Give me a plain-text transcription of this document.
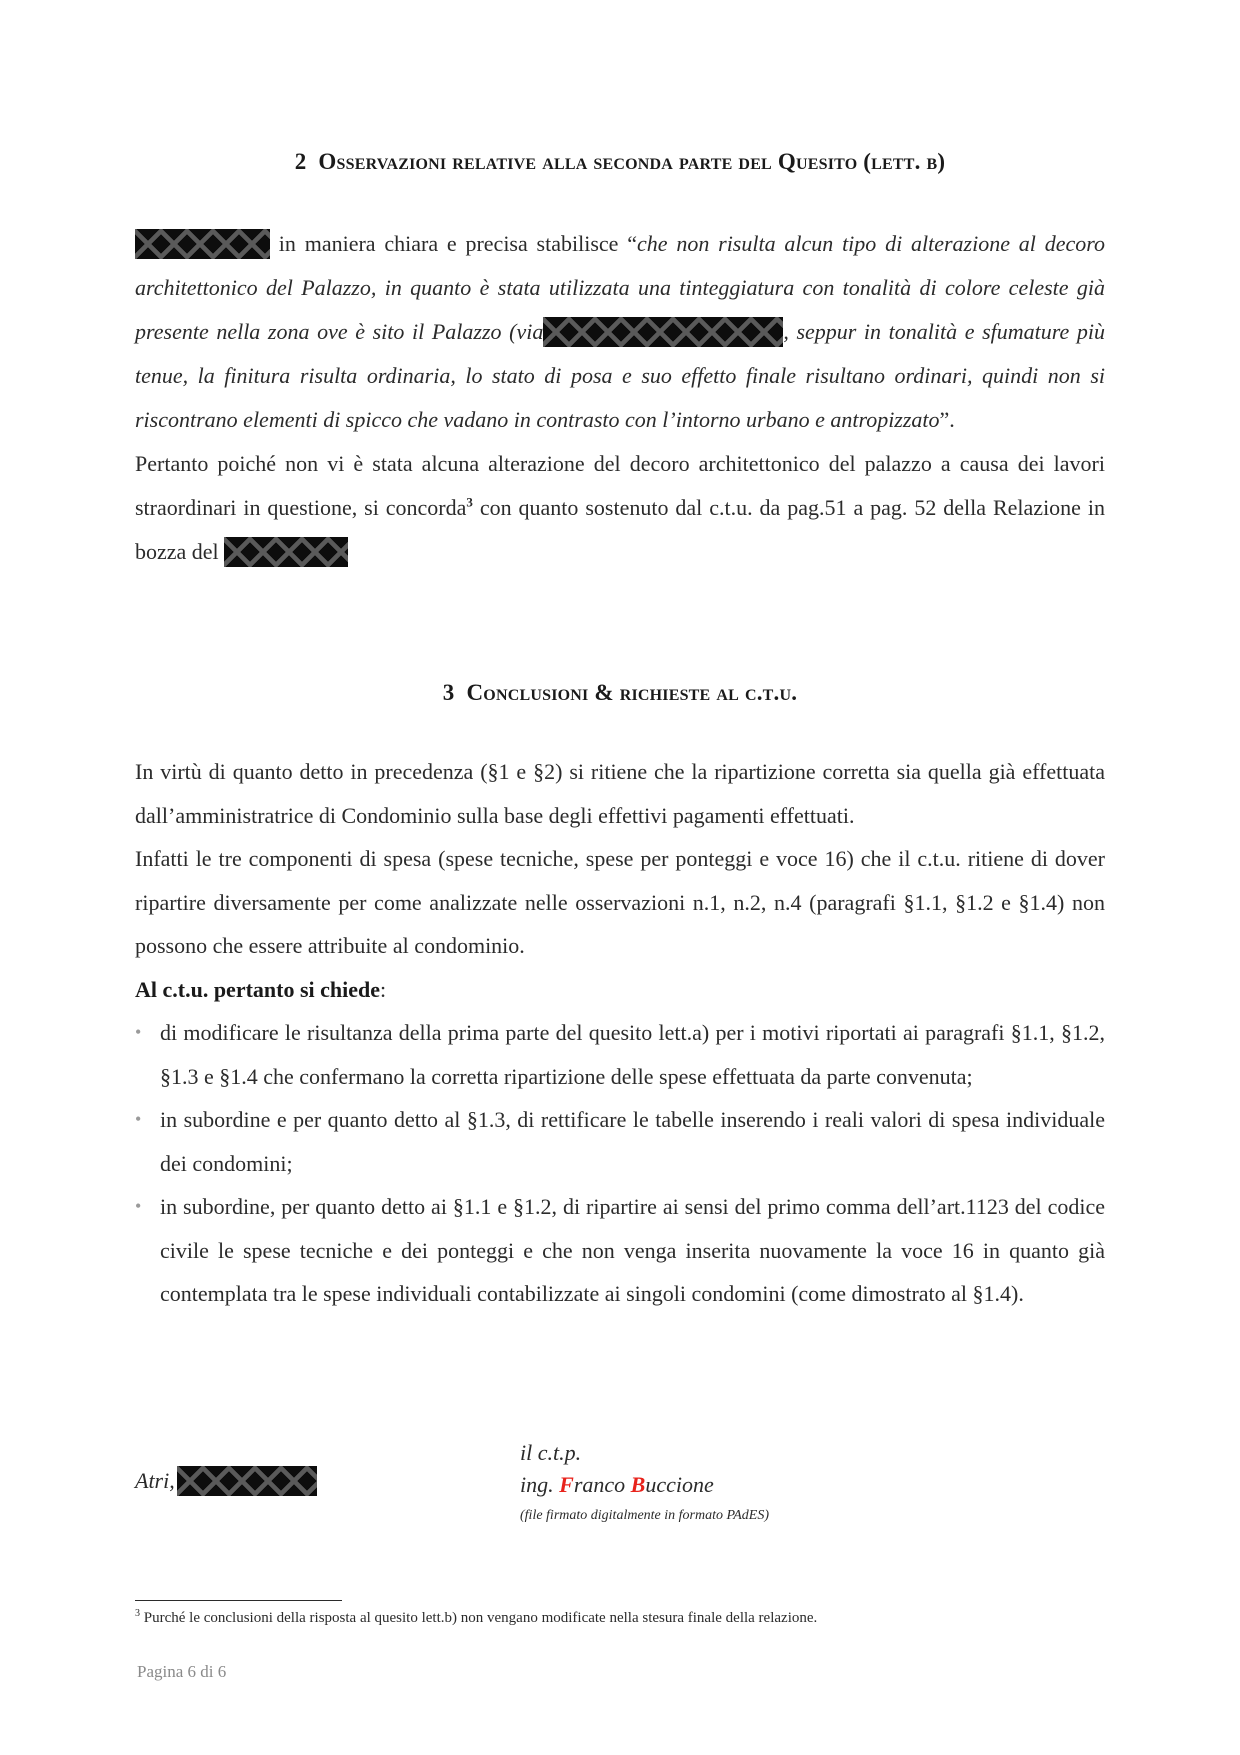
2 Osservazioni relative alla seconda parte del Quesito (lett. b)
in maniera chiara e precisa stabilisce “che non risulta alcun tipo di alterazione al decoro architettonico del Palazzo, in quanto è stata utilizzata una tinteggiatura con tonalità di colore celeste già presente nella zona ove è sito il Palazzo (via	, seppur in tonalità e sfumature più tenue, la finitura risulta ordinaria, lo stato di posa e suo effetto finale risultano ordinari, quindi non si riscontrano elementi di spicco che vadano in contrasto con l’intorno urbano e antropizzato”.
Pertanto poiché non vi è stata alcuna alterazione del decoro architettonico del palazzo a causa dei lavori straordinari in questione, si concorda$^3$ con quanto sostenuto dal c.t.u. da pag.51 a pag. 52 della Relazione in bozza del
3 Conclusioni & richieste al c.t.u.
In virtù di quanto detto in precedenza (§1 e §2) si ritiene che la ripartizione corretta sia quella già effettuata dall’amministratrice di Condominio sulla base degli effettivi pagamenti effettuati.
Infatti le tre componenti di spesa (spese tecniche, spese per ponteggi e voce 16) che il c.t.u. ritiene di dover ripartire diversamente per come analizzate nelle osservazioni n.1, n.2, n.4 (paragrafi §1.1, §1.2 e §1.4) non possono che essere attribuite al condominio.
Al c.t.u. pertanto si chiede:
• di modificare le risultanza della prima parte del quesito lett.a) per i motivi riportati ai paragrafi §1.1, §1.2, §1.3 e §1.4 che confermano la corretta ripartizione delle spese effettuata da parte convenuta;
• in subordine e per quanto detto al §1.3, di rettificare le tabelle inserendo i reali valori di spesa individuale dei condomini;
• in subordine, per quanto detto ai §1.1 e §1.2, di ripartire ai sensi del primo comma dell’art.1123 del codice civile le spese tecniche e dei ponteggi e che non venga inserita nuovamente la voce 16 in quanto già contemplata tra le spese individuali contabilizzate ai singoli condomini (come dimostrato al §1.4).
Atri,
il c.t.p.
ing. Franco Buccione
(file firmato digitalmente in formato PAdES)
$^3$ Purché le conclusioni della risposta al quesito lett.b) non vengano modificate nella stesura finale della relazione.
Pagina 6 di 6
